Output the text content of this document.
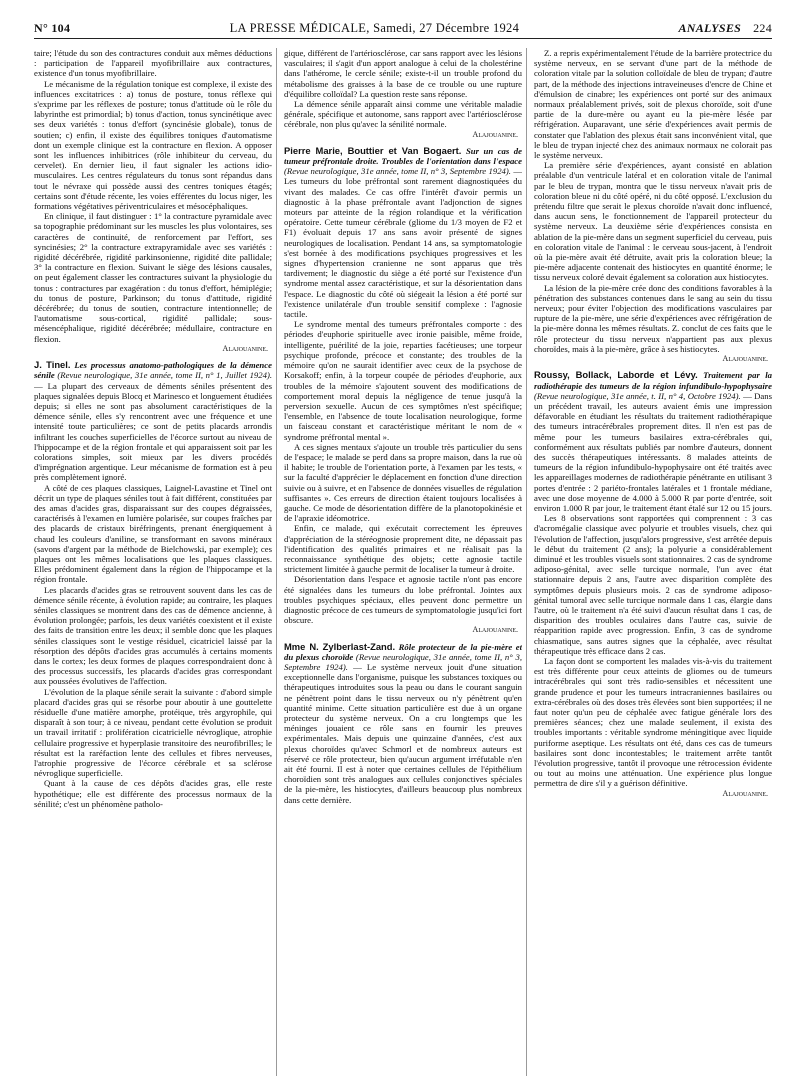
N° 104	LA PRESSE MÉDICALE, Samedi, 27 Décembre 1924	ANALYSES 224

taire; l'étude du son des contractures conduit aux mêmes déductions : participation de l'appareil myofibrillaire aux contractures, existence d'un tonus myofibrillaire.

Le mécanisme de la régulation tonique est complexe, il existe des influences excitatrices : a) tonus de posture, tonus réflexe qui s'exprime par les réflexes de posture; tonus d'attitude où le rôle du labyrinthe est primordial; b) tonus d'action, tonus syncinétique avec ses deux variétés : tonus d'effort (syncinésie globale), tonus de soutien; c) enfin, il existe des équilibres toniques d'automatisme dont un exemple clinique est la contracture en flexion. A opposer sont les influences inhibitrices (rôle inhibiteur du cerveau, du cervelet). En dernier lieu, il faut signaler les actions idio-musculaires. Les centres régulateurs du tonus sont répandus dans tout le névraxe qui possède aussi des centres toniques étagés; certains sont d'étude récente, les voies efférentes du locus niger, les formations végétatives périventriculaires et mésocéphaliques.

En clinique, il faut distinguer : 1° la contracture pyramidale avec sa topographie prédominant sur les muscles les plus volontaires, ses caractères de continuité, de renforcement par l'effort, ses syncinésies; 2° la contracture extrapyramidale avec ses variétés : rigidité décérébrée, rigidité parkinsonienne, rigidité dite pallidale; 3° la contracture en flexion. Suivant le siège des lésions causales, on peut également classer les contractures suivant la physiologie du tonus : contractures par exagération : du tonus d'effort, hémiplégie; du tonus de posture, Parkinson; du tonus d'attitude, rigidité décérébrée; du tonus de soutien, contracture intentionnelle; de l'automatisme sous-cortical, rigidité pallidale; sous-mésencéphalique, rigidité décérébrée; médullaire, contracture en flexion.

Alajouanine.

J. Tinel. Les processus anatomo-pathologiques de la démence sénile (Revue neurologique, 31e année, tome II, n° 1, Juillet 1924). — La plupart des cerveaux de déments séniles présentent des plaques signalées depuis Blocq et Marinesco et longuement étudiées depuis; si elles ne sont pas absolument caractéristiques de la démence sénile, elles s'y rencontrent avec une fréquence et une intensité toute particulières; ce sont de petits placards arrondis infiltrant les couches superficielles de l'écorce surtout au niveau de l'hippocampe et de la région frontale et qui apparaissent soit par les colorations simples, soit mieux par les divers procédés d'imprégnation argentique. Leur mécanisme de formation est à peu près complètement ignoré.

A côté de ces plaques classiques, Laignel-Lavastine et Tinel ont décrit un type de plaques séniles tout à fait différent, constituées par des amas d'acides gras, disparaissant sur des coupes dégraissées, caractérisés à l'examen en lumière polarisée, sur coupes fraîches par des placards de cristaux biréfringents, prenant énergiquement à chaud les couleurs d'aniline, se transformant en savons minéraux (savons d'argent par la méthode de Bielchowski, par exemple); ces plaques ont les mêmes localisations que les plaques classiques. Elles prédominent également dans la région de l'hippocampe et la région frontale.

Les placards d'acides gras se retrouvent souvent dans les cas de démence sénile récente, à évolution rapide; au contraire, les plaques séniles classiques se montrent dans des cas de démence ancienne, à évolution prolongée; parfois, les deux variétés coexistent et il existe des faits de transition entre les deux; il semble donc que les plaques séniles classiques sont le vestige résiduel, cicatriciel laissé par la résorption des dépôts d'acides gras accumulés à certains moments dans le cortex; les deux formes de plaques correspondraient donc à des processus successifs, les placards d'acides gras correspondant aux poussées évolutives de l'affection.

L'évolution de la plaque sénile serait la suivante : d'abord simple placard d'acides gras qui se résorbe pour aboutir à une gouttelette résiduelle d'une matière amorphe, protéique, très argyrophile, qui disparaît à son tour; à ce niveau, pendant cette évolution se produit un travail irritatif : prolifération cicatricielle névroglique, atrophie cellulaire progressive et hyperplasie transitoire des neurofibrilles; le résultat est la raréfaction lente des cellules et fibres nerveuses, l'atrophie progressive de l'écorce cérébrale et sa sclérose névroglique superficielle.

Quant à la cause de ces dépôts d'acides gras, elle reste hypothétique; elle est différente des processus normaux de la sénilité; c'est un phénomène patholo-

gique, différent de l'artériosclérose, car sans rapport avec les lésions vasculaires; il s'agit d'un apport analogue à celui de la cholestérine dans l'athérome, le cercle sénile; existe-t-il un trouble profond du métabolisme des graisses à la base de ce trouble ou une rupture d'équilibre colloïdal? La question reste sans réponse.

La démence sénile apparaît ainsi comme une véritable maladie générale, spécifique et autonome, sans rapport avec l'artériosclérose cérébrale, non plus qu'avec la sénilité normale.

Alajouanine.

Pierre Marie, Bouttier et Van Bogaert. Sur un cas de tumeur préfrontale droite. Troubles de l'orientation dans l'espace (Revue neurologique, 31e année, tome II, n° 3, Septembre 1924). — Les tumeurs du lobe préfrontal sont rarement diagnostiquées du vivant des malades. Ce cas offre l'intérêt d'avoir permis un diagnostic à la phase préfrontale avant l'adjonction de signes moteurs par atteinte de la région rolandique et la vérification opératoire. Cette tumeur cérébrale (gliome du 1/3 moyen de F2 et F1) évoluait depuis 17 ans sans avoir présenté de signes neurologiques de localisation. Pendant 14 ans, sa symptomatologie s'est bornée à des modifications psychiques progressives et les signes d'hypertension cranienne ne sont apparus que très tardivement; le diagnostic du siège a été porté sur l'existence d'un syndrome mental assez caractéristique, et sur la désorientation dans l'espace. Le diagnostic du côté où siégeait la lésion a été porté sur l'existence unilatérale d'un trouble sensitif complexe : l'agnosie tactile.

Le syndrome mental des tumeurs préfrontales comporte : des périodes d'euphorie spirituelle avec ironie paisible, même froide, intelligente, puérilité de la joie, reparties facétieuses; une torpeur psychique profonde, précoce et constante; des troubles de la mémoire qu'on ne saurait identifier avec ceux de la psychose de Korsakoff; enfin, à la torpeur coupée de périodes d'euphorie, aux troubles de la mémoire s'ajoutent souvent des modifications de comportement moral depuis la négligence de tenue jusqu'à la perversion sexuelle. Aucun de ces symptômes n'est spécifique; l'ensemble, en l'absence de toute localisation neurologique, forme un faisceau constant et caractéristique méritant le nom de « syndrome préfrontal mental ».

A ces signes mentaux s'ajoute un trouble très particulier du sens de l'espace; le malade se perd dans sa propre maison, dans la rue où il habite; le trouble de l'orientation porte, à l'examen par les tests, « sur la faculté d'apprécier le déplacement en fonction d'une direction suivie ou à suivre, et en l'absence de données visuelles de régulation suffisantes ». Ces erreurs de direction étaient toujours localisées à gauche. Ce mode de désorientation diffère de la planotopokinésie et de l'apraxie idéomotrice.

Enfin, ce malade, qui exécutait correctement les épreuves d'appréciation de la stéréognosie proprement dite, ne dépassait pas l'identification des qualités primaires et ne réalisait pas la reconnaissance synthétique des objets; cette agnosie tactile strictement limitée à gauche permit de localiser la tumeur à droite.

Désorientation dans l'espace et agnosie tactile n'ont pas encore été signalées dans les tumeurs du lobe préfrontal. Jointes aux troubles psychiques spéciaux, elles peuvent donc permettre un diagnostic précoce de ces tumeurs de symptomatologie jusqu'ici fort obscure.

Alajouanine.

Mme N. Zylberlast-Zand. Rôle protecteur de la pie-mère et du plexus choroïde (Revue neurologique, 31e année, tome II, n° 3, Septembre 1924). — Le système nerveux jouit d'une situation exceptionnelle dans l'organisme, puisque les substances toxiques ou thérapeutiques introduites sous la peau ou dans le courant sanguin ne pénètrent point dans le tissu nerveux ou n'y pénètrent qu'en quantité minime. Cette situation particulière est due à un organe protecteur du système nerveux. On a cru longtemps que les méninges jouaient ce rôle sans en fournir les preuves expérimentales. Mais depuis une quinzaine d'années, c'est aux plexus choroïdes qu'avec Schmorl et de nombreux auteurs est réservé ce rôle protecteur, bien qu'aucun argument irréfutable n'en ait été fourni. Il est à noter que certaines cellules de l'épithélium choroïdien sont très analogues aux cellules conjonctives spéciales de la pie-mère, les histiocytes, d'ailleurs beaucoup plus nombreux dans cette dernière.

Z. a repris expérimentalement l'étude de la barrière protectrice du système nerveux, en se servant d'une part de la méthode de coloration vitale par la solution colloïdale de bleu de trypan; d'autre part, de la méthode des injections intraveineuses d'encre de Chine et d'émulsion de cinabre; les expériences ont porté sur des animaux normaux préalablement privés, soit de plexus choroïde, soit d'une partie de la dure-mère ou ayant eu la pie-mère lésée par réfrigération. Auparavant, une série d'expériences avait permis de constater que l'ablation des plexus était sans inconvénient vital, que le bleu de trypan injecté chez des animaux normaux ne colorait pas le système nerveux.

La première série d'expériences, ayant consisté en ablation préalable d'un ventricule latéral et en coloration vitale de l'animal par le bleu de trypan, montra que le tissu nerveux n'avait pris de coloration bleue ni du côté opéré, ni du côté opposé. L'exclusion du prétendu filtre que serait le plexus choroïde n'avait donc influencé, dans aucun sens, le fonctionnement de l'appareil protecteur du système nerveux. La deuxième série d'expériences consista en ablation de la pie-mère dans un segment superficiel du cerveau, puis en coloration vitale de l'animal : le cerveau sous-jacent, à l'endroit où la pie-mère avait été détruite, avait pris la coloration bleue; la pie-mère adjacente contenait des histiocytes en quantité énorme; le tissu nerveux coloré devait également sa coloration aux histiocytes.

La lésion de la pie-mère crée donc des conditions favorables à la pénétration des substances contenues dans le sang au sein du tissu nerveux; pour éviter l'objection des modifications vasculaires par rupture de la pie-mère, une série d'expériences avec réfrigération de la pie-mère donna les mêmes résultats. Z. conclut de ces faits que le rôle protecteur du tissu nerveux n'appartient pas aux plexus choroïdes, mais à la pie-mère, grâce à ses histiocytes.

Alajouanine.

Roussy, Bollack, Laborde et Lévy. Traitement par la radiothérapie des tumeurs de la région infundibulo-hypophysaire (Revue neurologique, 31e année, t. II, n° 4, Octobre 1924). — Dans un précédent travail, les auteurs avaient émis une impression défavorable en étudiant les résultats du traitement radiothérapique des tumeurs intracérébrales proprement dites. Il n'en est pas de même pour les tumeurs basilaires extra-cérébrales qui, conformément aux résultats publiés par nombre d'auteurs, donnent des succès thérapeutiques intéressants. 8 malades atteints de tumeurs de la région infundibulo-hypophysaire ont été traités avec les appareillages modernes de radiothérapie pénétrante en utilisant 3 portes d'entrée : 2 pariéto-frontales latérales et 1 frontale médiane, avec une dose moyenne de 4.000 à 5.000 R par porte d'entrée, soit environ 1.000 R par jour, le traitement étant étalé sur 12 ou 15 jours.

Les 8 observations sont rapportées qui comprennent : 3 cas d'acromégalie classique avec polyurie et troubles visuels, chez qui l'évolution de l'affection, jusqu'alors progressive, s'est arrêtée depuis le début du traitement (2 ans); la polyurie a considérablement diminué et les troubles visuels sont stationnaires. 2 cas de syndrome adiposo-génital, avec selle turcique normale, l'un avec état stationnaire depuis 2 ans, l'autre avec disparition complète des symptômes depuis plusieurs mois. 2 cas de syndrome adiposo-génital tumoral avec selle turcique normale dans 1 cas, élargie dans l'autre, où le traitement n'a été suivi d'aucun résultat dans 1 cas, de disparition des troubles oculaires dans l'autre cas, suivie de réapparition rapide avec progression. Enfin, 3 cas de syndrome chiasmatique, sans autres signes que la céphalée, avec résultat thérapeutique très efficace dans 2 cas.

La façon dont se comportent les malades vis-à-vis du traitement est très différente pour ceux atteints de gliomes ou de tumeurs intracérébrales qui sont très radio-sensibles et nécessitent une grande prudence et pour les tumeurs intracraniennes basilaires ou extra-cérébrales où des doses très élevées sont bien supportées; il ne faut noter qu'un peu de céphalée avec fatigue générale lors des premières séances; chez une malade seulement, il exista des troubles importants : véritable syndrome méningitique avec liquide puriforme aseptique. Les résultats ont été, dans ces cas de tumeurs basilaires sont donc incontestables; le traitement arrête tantôt l'évolution progressive, tantôt il provoque une rétrocession évidente ou tout au moins une atténuation. Une expérience plus longue permettra de dire s'il y a guérison définitive.

Alajouanine.
